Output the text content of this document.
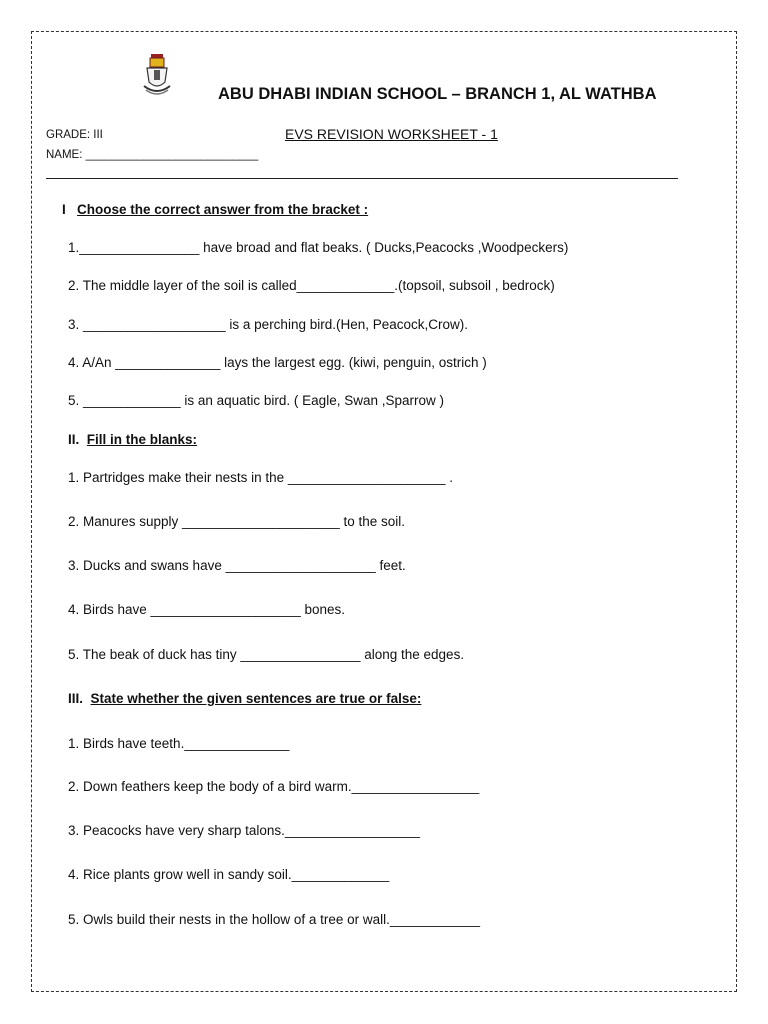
ABU DHABI INDIAN SCHOOL – BRANCH 1, AL WATHBA
GRADE: III	EVS REVISION WORKSHEET - 1
NAME: ___________________________
I Choose the correct answer from the bracket :
1.________________ have broad and flat beaks. ( Ducks,Peacocks ,Woodpeckers)
2. The middle layer of the soil is called_____________.(topsoil, subsoil , bedrock)
3. ___________________ is a perching bird.(Hen, Peacock,Crow).
4. A/An ______________ lays the largest egg. (kiwi, penguin, ostrich )
5. _____________ is an aquatic bird. ( Eagle, Swan ,Sparrow )
II. Fill in the blanks:
1. Partridges make their nests in the _____________________ .
2. Manures supply _____________________ to the soil.
3. Ducks and swans have ____________________ feet.
4. Birds have ____________________ bones.
5. The beak of duck has tiny ________________ along the edges.
III. State whether the given sentences are true or false:
1. Birds have teeth.______________
2. Down feathers keep the body of a bird warm._________________
3. Peacocks have very sharp talons.__________________
4. Rice plants grow well in sandy soil._____________
5. Owls build their nests in the hollow of a tree or wall.____________
